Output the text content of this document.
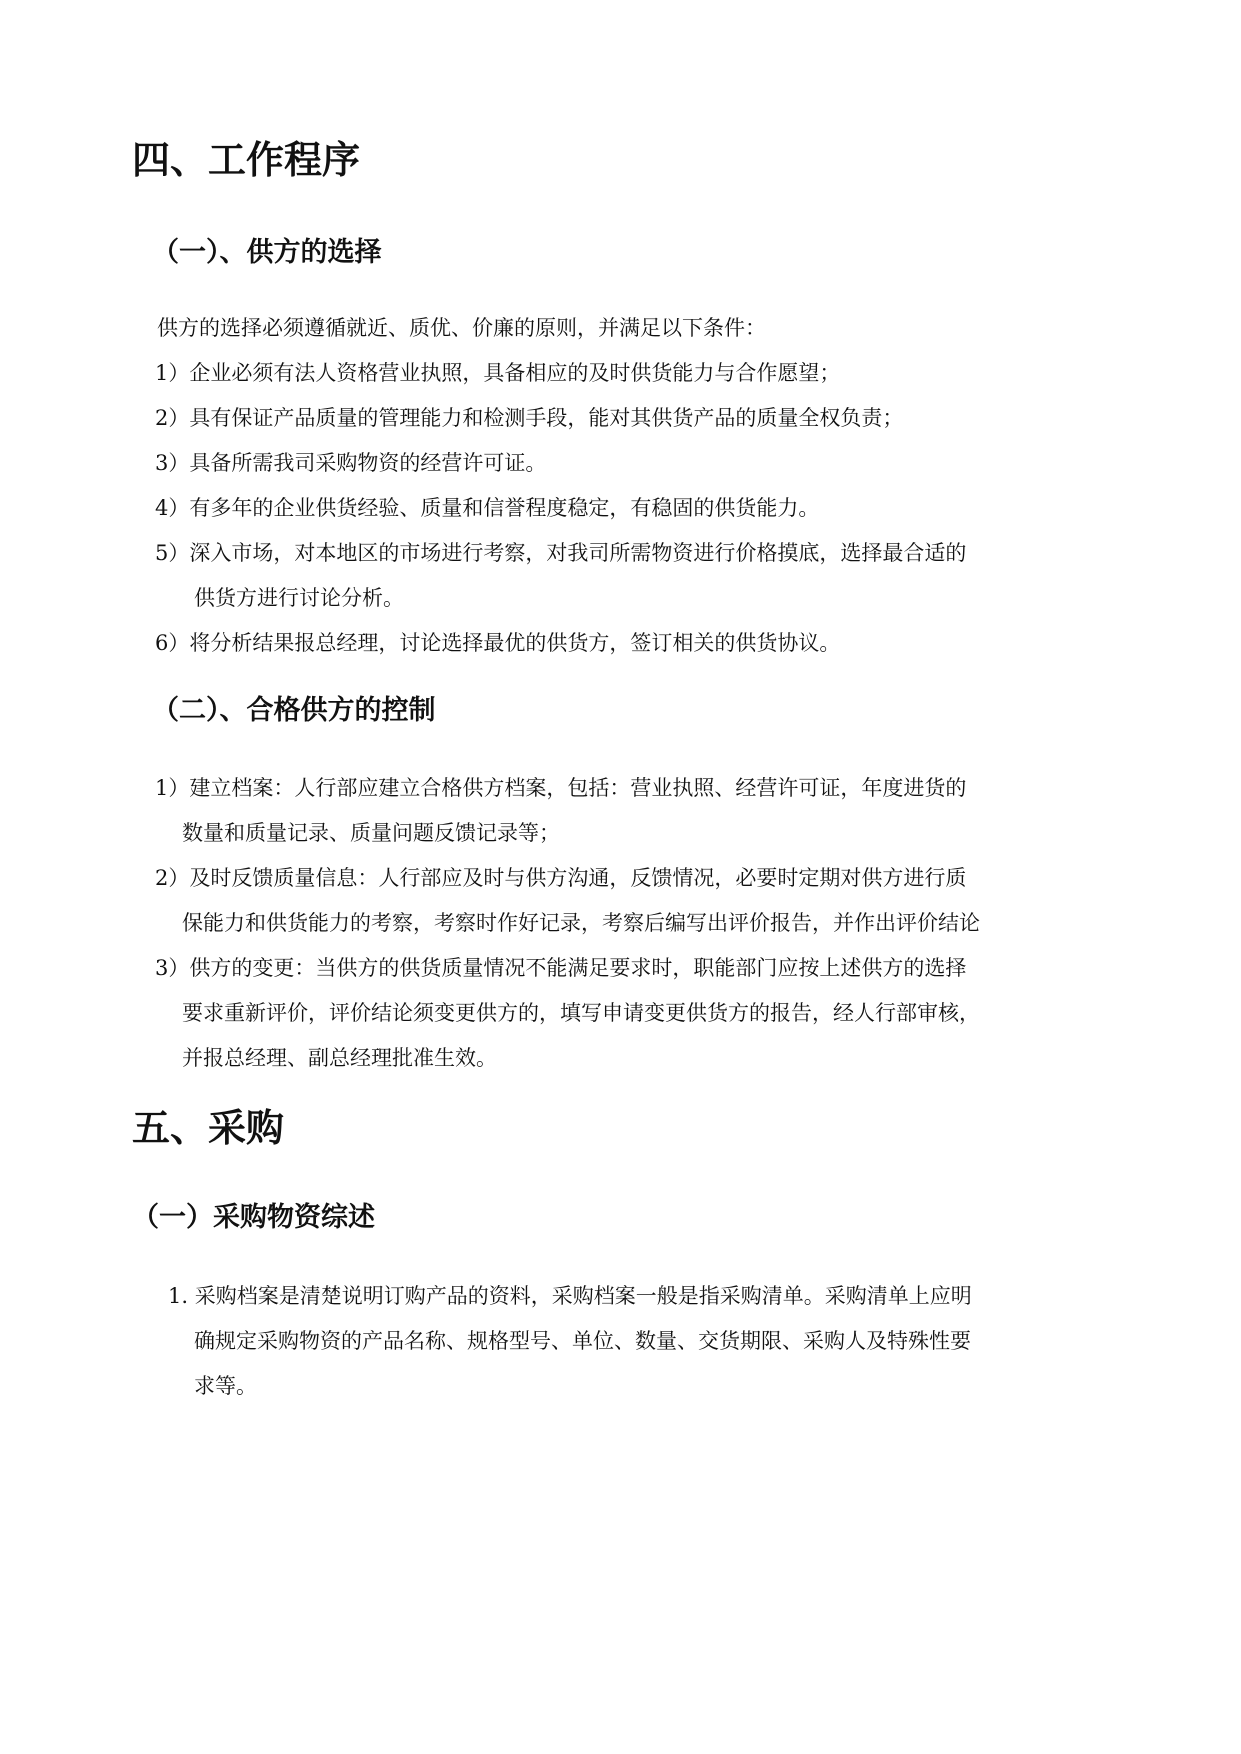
四、工作程序
（一）、供方的选择
供方的选择必须遵循就近、质优、价廉的原则，并满足以下条件：
1）企业必须有法人资格营业执照，具备相应的及时供货能力与合作愿望；
2）具有保证产品质量的管理能力和检测手段，能对其供货产品的质量全权负责；
3）具备所需我司采购物资的经营许可证。
4）有多年的企业供货经验、质量和信誉程度稳定，有稳固的供货能力。
5）深入市场，对本地区的市场进行考察，对我司所需物资进行价格摸底，选择最合适的
供货方进行讨论分析。
6）将分析结果报总经理，讨论选择最优的供货方，签订相关的供货协议。
（二）、合格供方的控制
1）建立档案：人行部应建立合格供方档案，包括：营业执照、经营许可证，年度进货的
数量和质量记录、质量问题反馈记录等；
2）及时反馈质量信息：人行部应及时与供方沟通，反馈情况，必要时定期对供方进行质
保能力和供货能力的考察，考察时作好记录，考察后编写出评价报告，并作出评价结论
3）供方的变更：当供方的供货质量情况不能满足要求时，职能部门应按上述供方的选择
要求重新评价，评价结论须变更供方的，填写申请变更供货方的报告，经人行部审核，
并报总经理、副总经理批准生效。
五、采购
（一）采购物资综述
1. 采购档案是清楚说明订购产品的资料，采购档案一般是指采购清单。采购清单上应明
确规定采购物资的产品名称、规格型号、单位、数量、交货期限、采购人及特殊性要
求等。
